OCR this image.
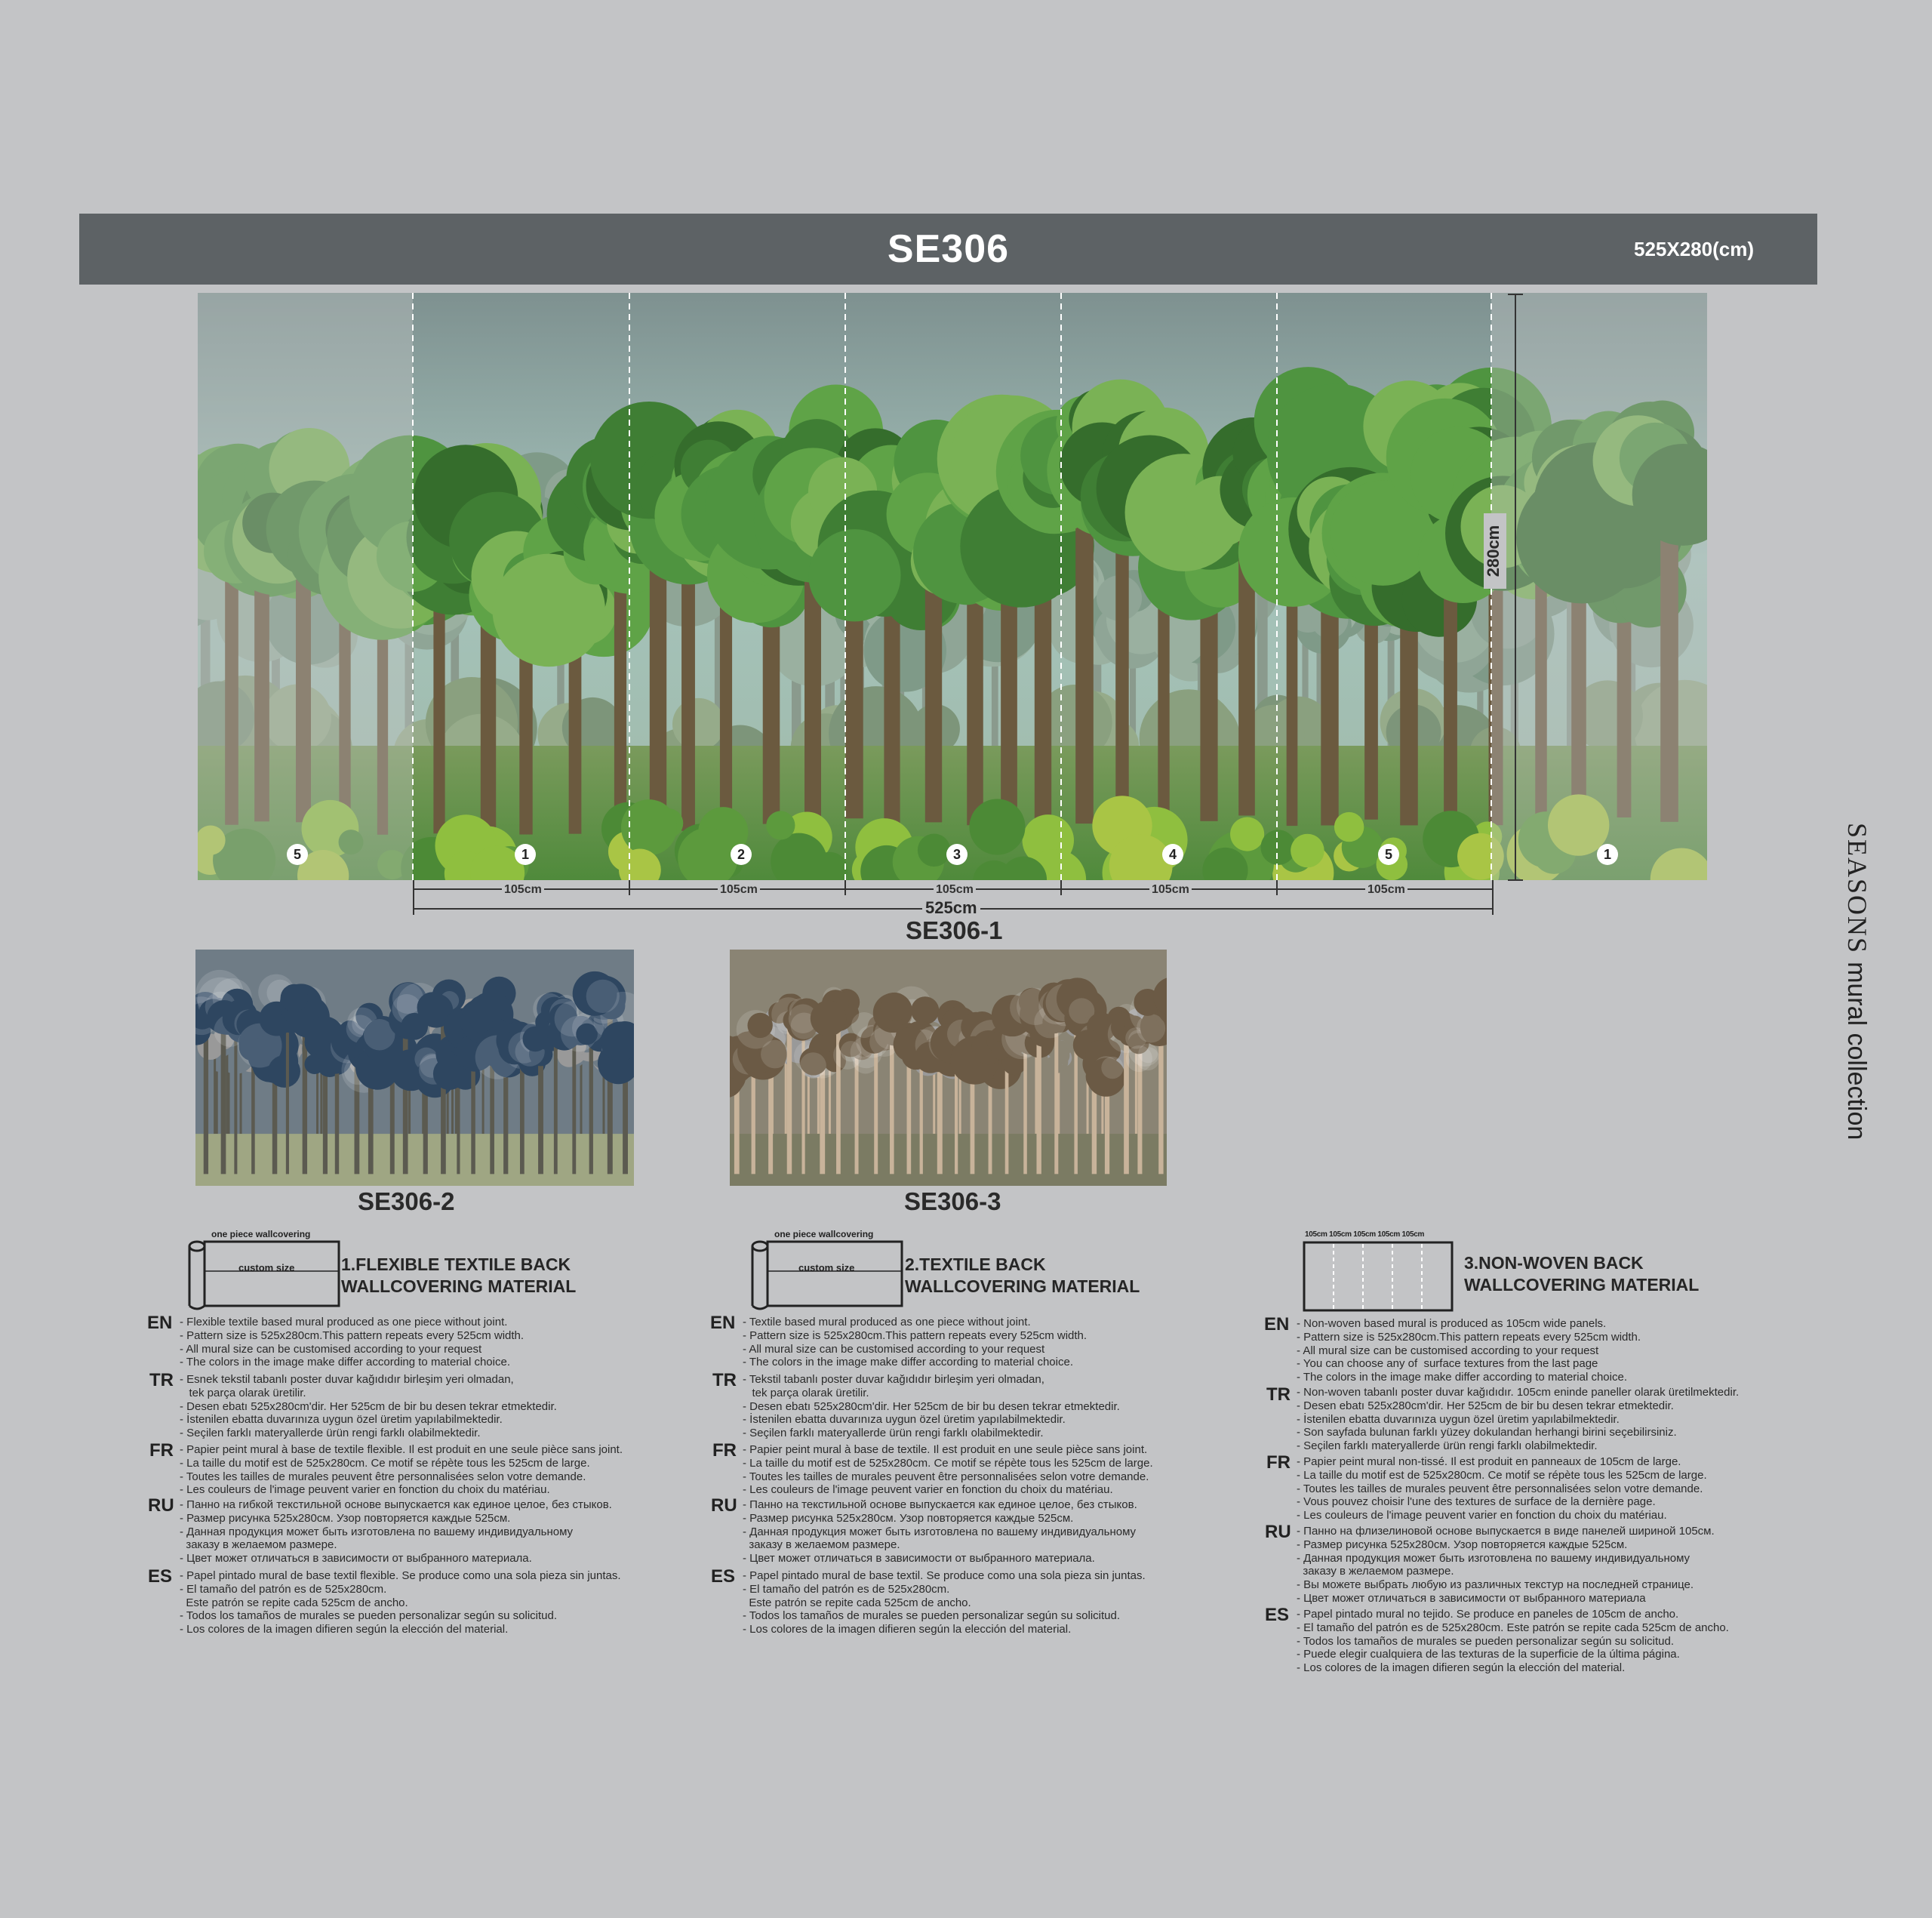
SE306	525X280(cm)
SEASONSmural collection
5	1	2	3	4	5	1
105cm	105cm	105cm	105cm	105cm
525cm
280cm
SE306-1
SE306-2	SE306-3
one piece wallcovering
custom size	1.FLEXIBLE TEXTILE BACK
WALLCOVERING MATERIAL
EN - Flexible textile based mural produced as one piece without joint.
- Pattern size is 525x280cm.This pattern repeats every 525cm width.
- All mural size can be customised according to your request
- The colors in the image make differ according to material choice.
TR - Esnek tekstil tabanlı poster duvar kağıdıdır birleşim yeri olmadan,
tek parça olarak üretilir.
- Desen ebatı 525x280cm'dir. Her 525cm de bir bu desen tekrar etmektedir.
- İstenilen ebatta duvarınıza uygun özel üretim yapılabilmektedir.
- Seçilen farklı materyallerde ürün rengi farklı olabilmektedir.
FR - Papier peint mural à base de textile flexible. Il est produit en une seule pièce sans joint.
- La taille du motif est de 525x280cm. Ce motif se répète tous les 525cm de large.
- Toutes les tailles de murales peuvent être personnalisées selon votre demande.
- Les couleurs de l'image peuvent varier en fonction du choix du matériau.
RU - Панно на гибкой текстильной основе выпускается как единое целое, без стыков.
- Размер рисунка 525x280см. Узор повторяется каждые 525см.
- Данная продукция может быть изготовлена по вашему индивидуальному
заказу в желаемом размере.
- Цвет может отличаться в зависимости от выбранного материала.
ES - Papel pintado mural de base textil flexible. Se produce como una sola pieza sin juntas.
- El tamaño del patrón es de 525x280cm.
Este patrón se repite cada 525cm de ancho.
- Todos los tamaños de murales se pueden personalizar según su solicitud.
- Los colores de la imagen difieren según la elección del material.
one piece wallcovering
custom size	2.TEXTILE BACK
WALLCOVERING MATERIAL
EN - Textile based mural produced as one piece without joint.
- Pattern size is 525x280cm.This pattern repeats every 525cm width.
- All mural size can be customised according to your request
- The colors in the image make differ according to material choice.
TR - Tekstil tabanlı poster duvar kağıdıdır birleşim yeri olmadan,
tek parça olarak üretilir.
- Desen ebatı 525x280cm'dir. Her 525cm de bir bu desen tekrar etmektedir.
- İstenilen ebatta duvarınıza uygun özel üretim yapılabilmektedir.
- Seçilen farklı materyallerde ürün rengi farklı olabilmektedir.
FR - Papier peint mural à base de textile. Il est produit en une seule pièce sans joint.
- La taille du motif est de 525x280cm. Ce motif se répète tous les 525cm de large.
- Toutes les tailles de murales peuvent être personnalisées selon votre demande.
- Les couleurs de l'image peuvent varier en fonction du choix du matériau.
RU - Панно на текстильной основе выпускается как единое целое, без стыков.
- Размер рисунка 525x280см. Узор повторяется каждые 525см.
- Данная продукция может быть изготовлена по вашему индивидуальному
заказу в желаемом размере.
- Цвет может отличаться в зависимости от выбранного материала.
ES - Papel pintado mural de base textil. Se produce como una sola pieza sin juntas.
- El tamaño del patrón es de 525x280cm.
Este patrón se repite cada 525cm de ancho.
- Todos los tamaños de murales se pueden personalizar según su solicitud.
- Los colores de la imagen difieren según la elección del material.
105cm 105cm 105cm 105cm 105cm
3.NON-WOVEN BACK
WALLCOVERING MATERIAL
EN - Non-woven based mural is produced as 105cm wide panels.
- Pattern size is 525x280cm.This pattern repeats every 525cm width.
- All mural size can be customised according to your request
- You can choose any of  surface textures from the last page
- The colors in the image make differ according to material choice.
TR - Non-woven tabanlı poster duvar kağıdıdır. 105cm eninde paneller olarak üretilmektedir.
- Desen ebatı 525x280cm'dir. Her 525cm de bir bu desen tekrar etmektedir.
- İstenilen ebatta duvarınıza uygun özel üretim yapılabilmektedir.
- Son sayfada bulunan farklı yüzey dokulandan herhangi birini seçebilirsiniz.
- Seçilen farklı materyallerde ürün rengi farklı olabilmektedir.
FR - Papier peint mural non-tissé. Il est produit en panneaux de 105cm de large.
- La taille du motif est de 525x280cm. Ce motif se répète tous les 525cm de large.
- Toutes les tailles de murales peuvent être personnalisées selon votre demande.
- Vous pouvez choisir l'une des textures de surface de la dernière page.
- Les couleurs de l'image peuvent varier en fonction du choix du matériau.
RU - Панно на флизелиновой основе выпускается в виде панелей шириной 105см.
- Размер рисунка 525x280см. Узор повторяется каждые 525см.
- Данная продукция может быть изготовлена по вашему индивидуальному
заказу в желаемом размере.
- Вы можете выбрать любую из различных текстур на последней странице.
- Цвет может отличаться в зависимости от выбранного материала
ES - Papel pintado mural no tejido. Se produce en paneles de 105cm de ancho.
- El tamaño del patrón es de 525x280cm. Este patrón se repite cada 525cm de ancho.
- Todos los tamaños de murales se pueden personalizar según su solicitud.
- Puede elegir cualquiera de las texturas de la superficie de la última página.
- Los colores de la imagen difieren según la elección del material.
